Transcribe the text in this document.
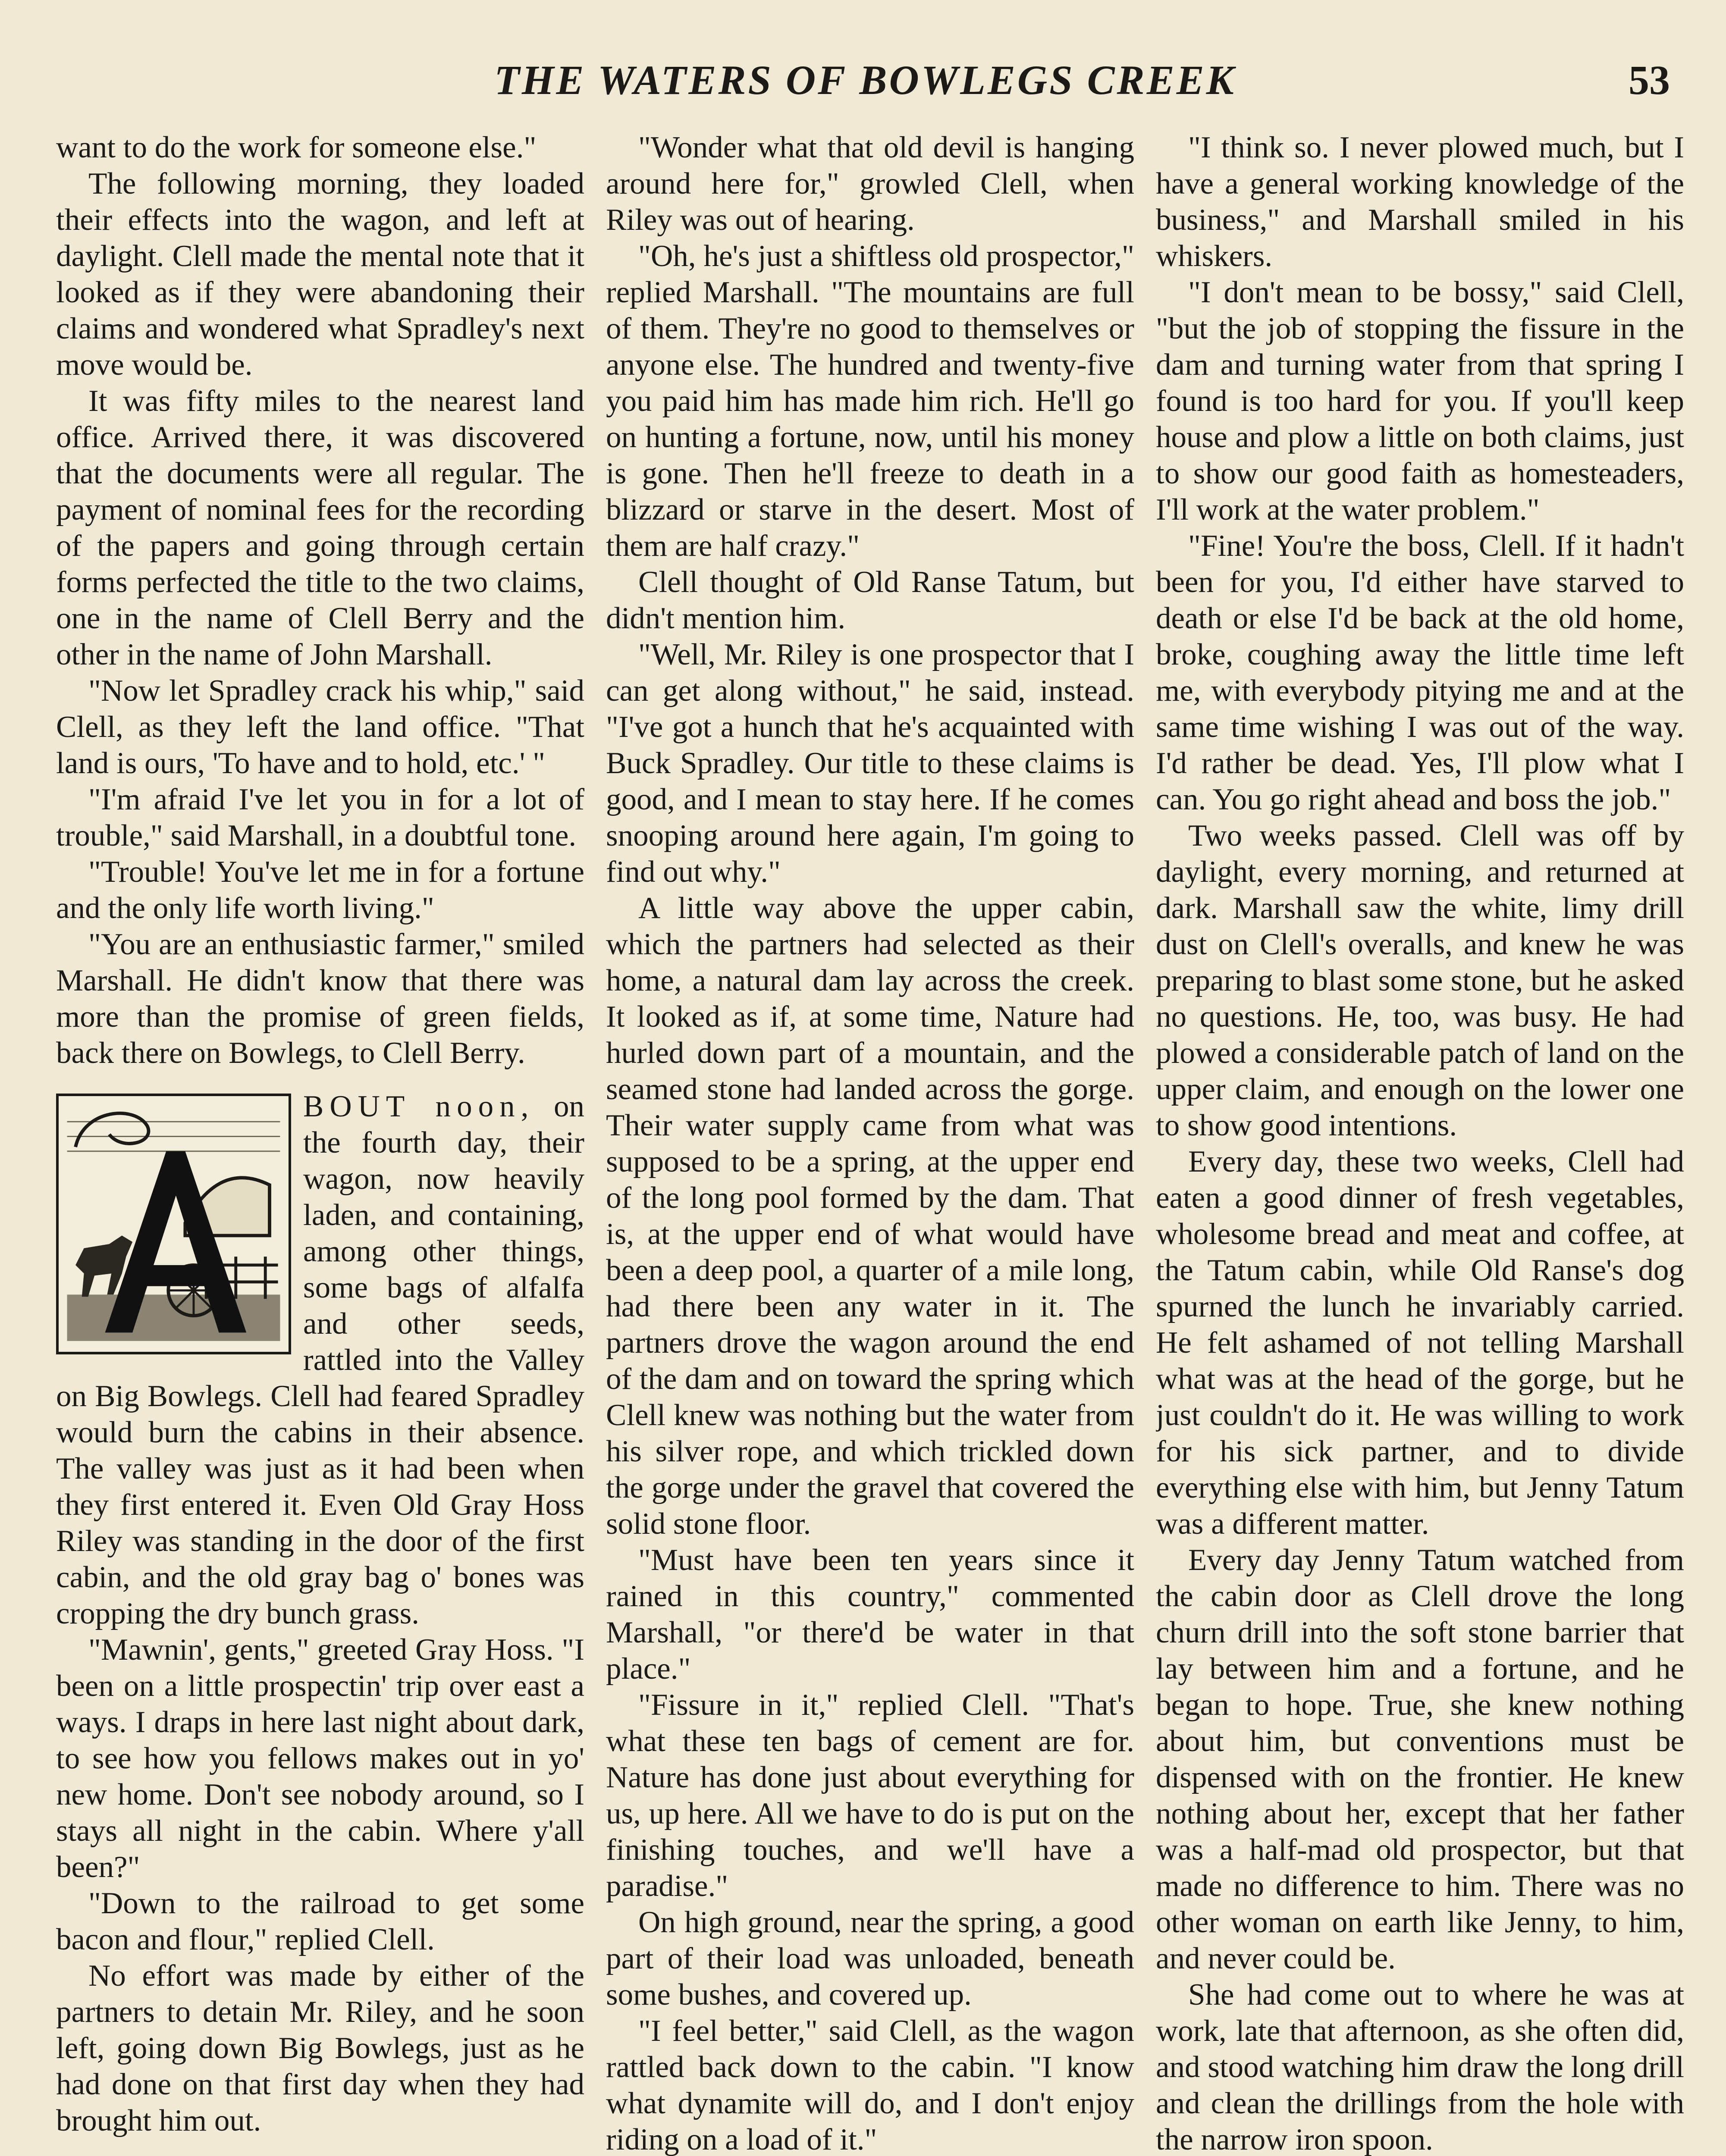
THE WATERS OF BOWLEGS CREEK	53

want to do the work for someone else."

The following morning, they loaded their effects into the wagon, and left at daylight. Clell made the mental note that it looked as if they were abandoning their claims and wondered what Spradley's next move would be.

It was fifty miles to the nearest land office. Arrived there, it was discovered that the documents were all regular. The payment of nominal fees for the recording of the papers and going through certain forms perfected the title to the two claims, one in the name of Clell Berry and the other in the name of John Marshall.

"Now let Spradley crack his whip," said Clell, as they left the land office. "That land is ours, 'To have and to hold, etc.' "

"I'm afraid I've let you in for a lot of trouble," said Marshall, in a doubtful tone.

"Trouble! You've let me in for a fortune and the only life worth living."

"You are an enthusiastic farmer," smiled Marshall. He didn't know that there was more than the promise of green fields, back there on Bowlegs, to Clell Berry.

BOUT noon, on the fourth day, their wagon, now heavily laden, and containing, among other things, some bags of alfalfa and other seeds, rattled into the Valley on Big Bowlegs. Clell had feared Spradley would burn the cabins in their absence. The valley was just as it had been when they first entered it. Even Old Gray Hoss Riley was standing in the door of the first cabin, and the old gray bag o' bones was cropping the dry bunch grass.

"Mawnin', gents," greeted Gray Hoss. "I been on a little prospectin' trip over east a ways. I draps in here last night about dark, to see how you fellows makes out in yo' new home. Don't see nobody around, so I stays all night in the cabin. Where y'all been?"

"Down to the railroad to get some bacon and flour," replied Clell.

No effort was made by either of the partners to detain Mr. Riley, and he soon left, going down Big Bowlegs, just as he had done on that first day when they had brought him out.

"Wonder what that old devil is hanging around here for," growled Clell, when Riley was out of hearing.

"Oh, he's just a shiftless old prospector," replied Marshall. "The mountains are full of them. They're no good to themselves or anyone else. The hundred and twenty-five you paid him has made him rich. He'll go on hunting a fortune, now, until his money is gone. Then he'll freeze to death in a blizzard or starve in the desert. Most of them are half crazy."

Clell thought of Old Ranse Tatum, but didn't mention him.

"Well, Mr. Riley is one prospector that I can get along without," he said, instead. "I've got a hunch that he's acquainted with Buck Spradley. Our title to these claims is good, and I mean to stay here. If he comes snooping around here again, I'm going to find out why."

A little way above the upper cabin, which the partners had selected as their home, a natural dam lay across the creek. It looked as if, at some time, Nature had hurled down part of a mountain, and the seamed stone had landed across the gorge. Their water supply came from what was supposed to be a spring, at the upper end of the long pool formed by the dam. That is, at the upper end of what would have been a deep pool, a quarter of a mile long, had there been any water in it. The partners drove the wagon around the end of the dam and on toward the spring which Clell knew was nothing but the water from his silver rope, and which trickled down the gorge under the gravel that covered the solid stone floor.

"Must have been ten years since it rained in this country," commented Marshall, "or there'd be water in that place."

"Fissure in it," replied Clell. "That's what these ten bags of cement are for. Nature has done just about everything for us, up here. All we have to do is put on the finishing touches, and we'll have a paradise."

On high ground, near the spring, a good part of their load was unloaded, beneath some bushes, and covered up.

"I feel better," said Clell, as the wagon rattled back down to the cabin. "I know what dynamite will do, and I don't enjoy riding on a load of it."

"I think so. I never plowed much, but I have a general working knowledge of the business," and Marshall smiled in his whiskers.

"I don't mean to be bossy," said Clell, "but the job of stopping the fissure in the dam and turning water from that spring I found is too hard for you. If you'll keep house and plow a little on both claims, just to show our good faith as homesteaders, I'll work at the water problem."

"Fine! You're the boss, Clell. If it hadn't been for you, I'd either have starved to death or else I'd be back at the old home, broke, coughing away the little time left me, with everybody pitying me and at the same time wishing I was out of the way. I'd rather be dead. Yes, I'll plow what I can. You go right ahead and boss the job."

Two weeks passed. Clell was off by daylight, every morning, and returned at dark. Marshall saw the white, limy drill dust on Clell's overalls, and knew he was preparing to blast some stone, but he asked no questions. He, too, was busy. He had plowed a considerable patch of land on the upper claim, and enough on the lower one to show good intentions.

Every day, these two weeks, Clell had eaten a good dinner of fresh vegetables, wholesome bread and meat and coffee, at the Tatum cabin, while Old Ranse's dog spurned the lunch he invariably carried. He felt ashamed of not telling Marshall what was at the head of the gorge, but he just couldn't do it. He was willing to work for his sick partner, and to divide everything else with him, but Jenny Tatum was a different matter.

Every day Jenny Tatum watched from the cabin door as Clell drove the long churn drill into the soft stone barrier that lay between him and a fortune, and he began to hope. True, she knew nothing about him, but conventions must be dispensed with on the frontier. He knew nothing about her, except that her father was a half-mad old prospector, but that made no difference to him. There was no other woman on earth like Jenny, to him, and never could be.

She had come out to where he was at work, late that afternoon, as she often did, and stood watching him draw the long drill and clean the drillings from the hole with the narrow iron spoon.
